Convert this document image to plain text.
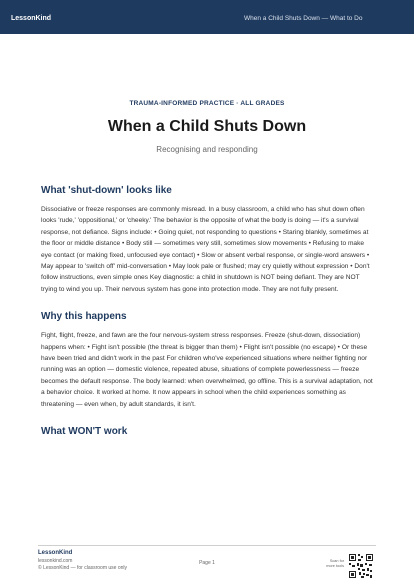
LessonKind	When a Child Shuts Down — What to Do
TRAUMA-INFORMED PRACTICE · ALL GRADES
When a Child Shuts Down
Recognising and responding
What 'shut-down' looks like

Dissociative or freeze responses are commonly misread. In a busy classroom, a child who has shut down often looks 'rude,' 'oppositional,' or 'cheeky.' The behavior is the opposite of what the body is doing — it's a survival response, not defiance. Signs include: • Going quiet, not responding to questions • Staring blankly, sometimes at the floor or middle distance • Body still — sometimes very still, sometimes slow movements • Refusing to make eye contact (or making fixed, unfocused eye contact) • Slow or absent verbal response, or single-word answers • May appear to 'switch off' mid-conversation • May look pale or flushed; may cry quietly without expression • Don't follow instructions, even simple ones Key diagnostic: a child in shutdown is NOT being defiant. They are NOT trying to wind you up. Their nervous system has gone into protection mode. They are not fully present.

Why this happens

Fight, flight, freeze, and fawn are the four nervous-system stress responses. Freeze (shut-down, dissociation) happens when: • Fight isn't possible (the threat is bigger than them) • Flight isn't possible (no escape) • Or these have been tried and didn't work in the past For children who've experienced situations where neither fighting nor running was an option — domestic violence, repeated abuse, situations of complete powerlessness — freeze becomes the default response. The body learned: when overwhelmed, go offline. This is a survival adaptation, not a behavior choice. It worked at home. It now appears in school when the child experiences something as threatening — even when, by adult standards, it isn't.

What WON'T work
LessonKind
lessonkind.com
© LessonKind — for classroom use only
Page 1	Scan for
more tools
